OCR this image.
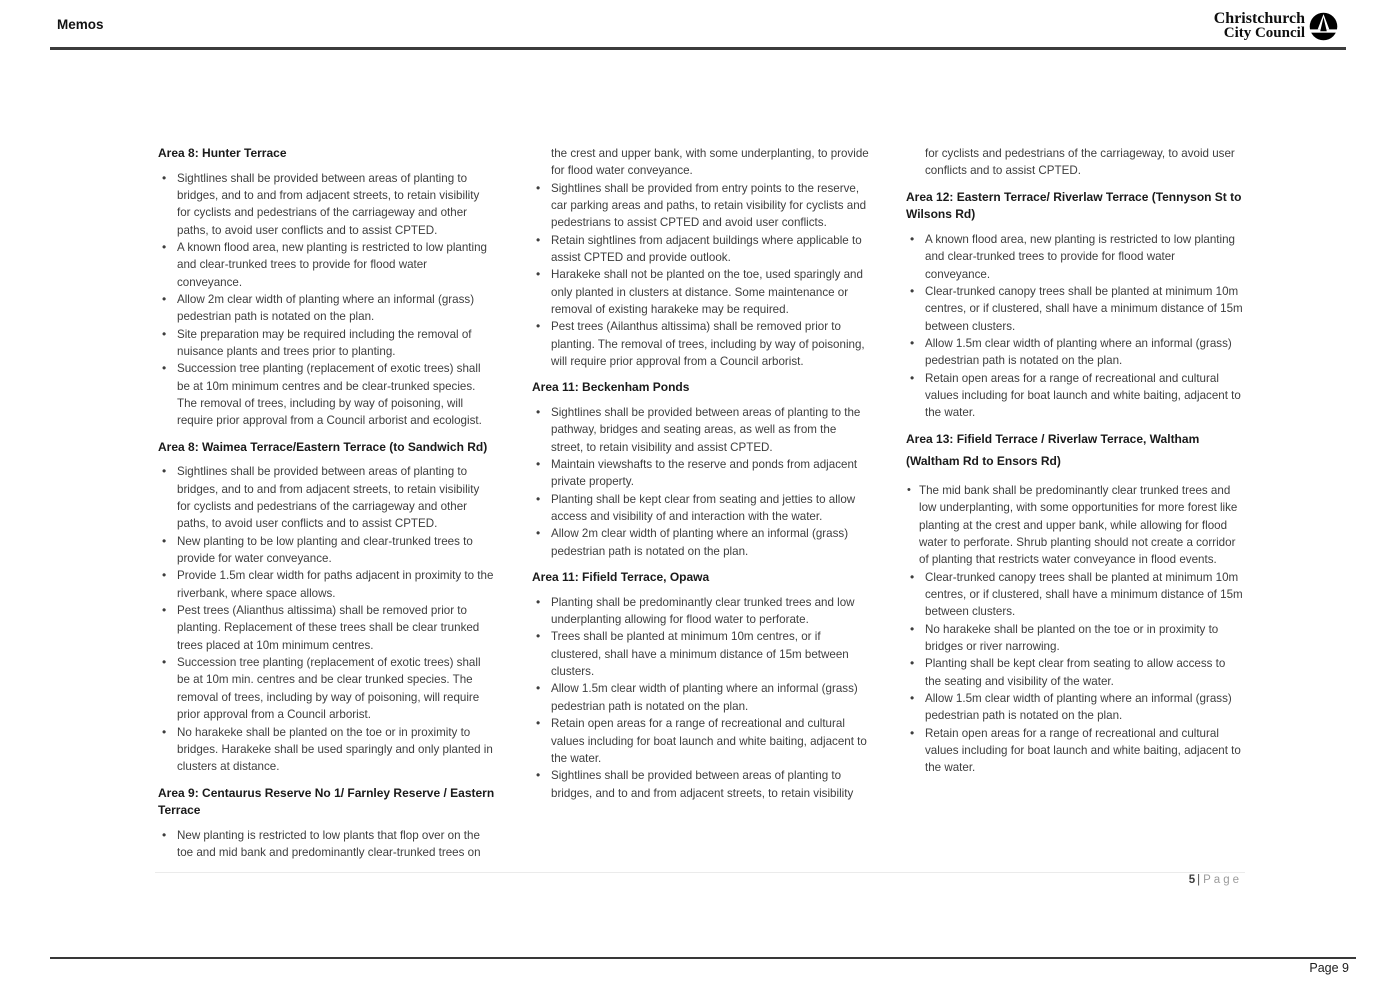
Memos	Christchurch
City Council
Area 8: Hunter Terrace
• Sightlines shall be provided between areas of planting to bridges, and to and from adjacent streets, to retain visibility for cyclists and pedestrians of the carriageway and other paths, to avoid user conflicts and to assist CPTED.
• A known flood area, new planting is restricted to low planting and clear-trunked trees to provide for flood water conveyance.
• Allow 2m clear width of planting where an informal (grass) pedestrian path is notated on the plan.
• Site preparation may be required including the removal of nuisance plants and trees prior to planting.
• Succession tree planting (replacement of exotic trees) shall be at 10m minimum centres and be clear-trunked species. The removal of trees, including by way of poisoning, will require prior approval from a Council arborist and ecologist.
Area 8: Waimea Terrace/Eastern Terrace (to Sandwich Rd)
• Sightlines shall be provided between areas of planting to bridges, and to and from adjacent streets, to retain visibility for cyclists and pedestrians of the carriageway and other paths, to avoid user conflicts and to assist CPTED.
• New planting to be low planting and clear-trunked trees to provide for water conveyance.
• Provide 1.5m clear width for paths adjacent in proximity to the riverbank, where space allows.
• Pest trees (Alianthus altissima) shall be removed prior to planting. Replacement of these trees shall be clear trunked trees placed at 10m minimum centres.
• Succession tree planting (replacement of exotic trees) shall be at 10m min. centres and be clear trunked species. The removal of trees, including by way of poisoning, will require prior approval from a Council arborist.
• No harakeke shall be planted on the toe or in proximity to bridges. Harakeke shall be used sparingly and only planted in clusters at distance.
Area 9: Centaurus Reserve No 1/ Farnley Reserve / Eastern Terrace
• New planting is restricted to low plants that flop over on the toe and mid bank and predominantly clear-trunked trees on
the crest and upper bank, with some underplanting, to provide for flood water conveyance.
• Sightlines shall be provided from entry points to the reserve, car parking areas and paths, to retain visibility for cyclists and pedestrians to assist CPTED and avoid user conflicts.
• Retain sightlines from adjacent buildings where applicable to assist CPTED and provide outlook.
• Harakeke shall not be planted on the toe, used sparingly and only planted in clusters at distance. Some maintenance or removal of existing harakeke may be required.
• Pest trees (Ailanthus altissima) shall be removed prior to planting. The removal of trees, including by way of poisoning, will require prior approval from a Council arborist.
Area 11: Beckenham Ponds
• Sightlines shall be provided between areas of planting to the pathway, bridges and seating areas, as well as from the street, to retain visibility and assist CPTED.
• Maintain viewshafts to the reserve and ponds from adjacent private property.
• Planting shall be kept clear from seating and jetties to allow access and visibility of and interaction with the water.
• Allow 2m clear width of planting where an informal (grass) pedestrian path is notated on the plan.
Area 11: Fifield Terrace, Opawa
• Planting shall be predominantly clear trunked trees and low underplanting allowing for flood water to perforate.
• Trees shall be planted at minimum 10m centres, or if clustered, shall have a minimum distance of 15m between clusters.
• Allow 1.5m clear width of planting where an informal (grass) pedestrian path is notated on the plan.
• Retain open areas for a range of recreational and cultural values including for boat launch and white baiting, adjacent to the water.
• Sightlines shall be provided between areas of planting to bridges, and to and from adjacent streets, to retain visibility
for cyclists and pedestrians of the carriageway, to avoid user conflicts and to assist CPTED.
Area 12: Eastern Terrace/ Riverlaw Terrace (Tennyson St to Wilsons Rd)
• A known flood area, new planting is restricted to low planting and clear-trunked trees to provide for flood water conveyance.
• Clear-trunked canopy trees shall be planted at minimum 10m centres, or if clustered, shall have a minimum distance of 15m between clusters.
• Allow 1.5m clear width of planting where an informal (grass) pedestrian path is notated on the plan.
• Retain open areas for a range of recreational and cultural values including for boat launch and white baiting, adjacent to the water.
Area 13: Fifield Terrace / Riverlaw Terrace, Waltham
(Waltham Rd to Ensors Rd)
• The mid bank shall be predominantly clear trunked trees and low underplanting, with some opportunities for more forest like planting at the crest and upper bank, while allowing for flood water to perforate. Shrub planting should not create a corridor of planting that restricts water conveyance in flood events.
• Clear-trunked canopy trees shall be planted at minimum 10m centres, or if clustered, shall have a minimum distance of 15m between clusters.
• No harakeke shall be planted on the toe or in proximity to bridges or river narrowing.
• Planting shall be kept clear from seating to allow access to the seating and visibility of the water.
• Allow 1.5m clear width of planting where an informal (grass) pedestrian path is notated on the plan.
• Retain open areas for a range of recreational and cultural values including for boat launch and white baiting, adjacent to the water.
5 | Page
Page 9
